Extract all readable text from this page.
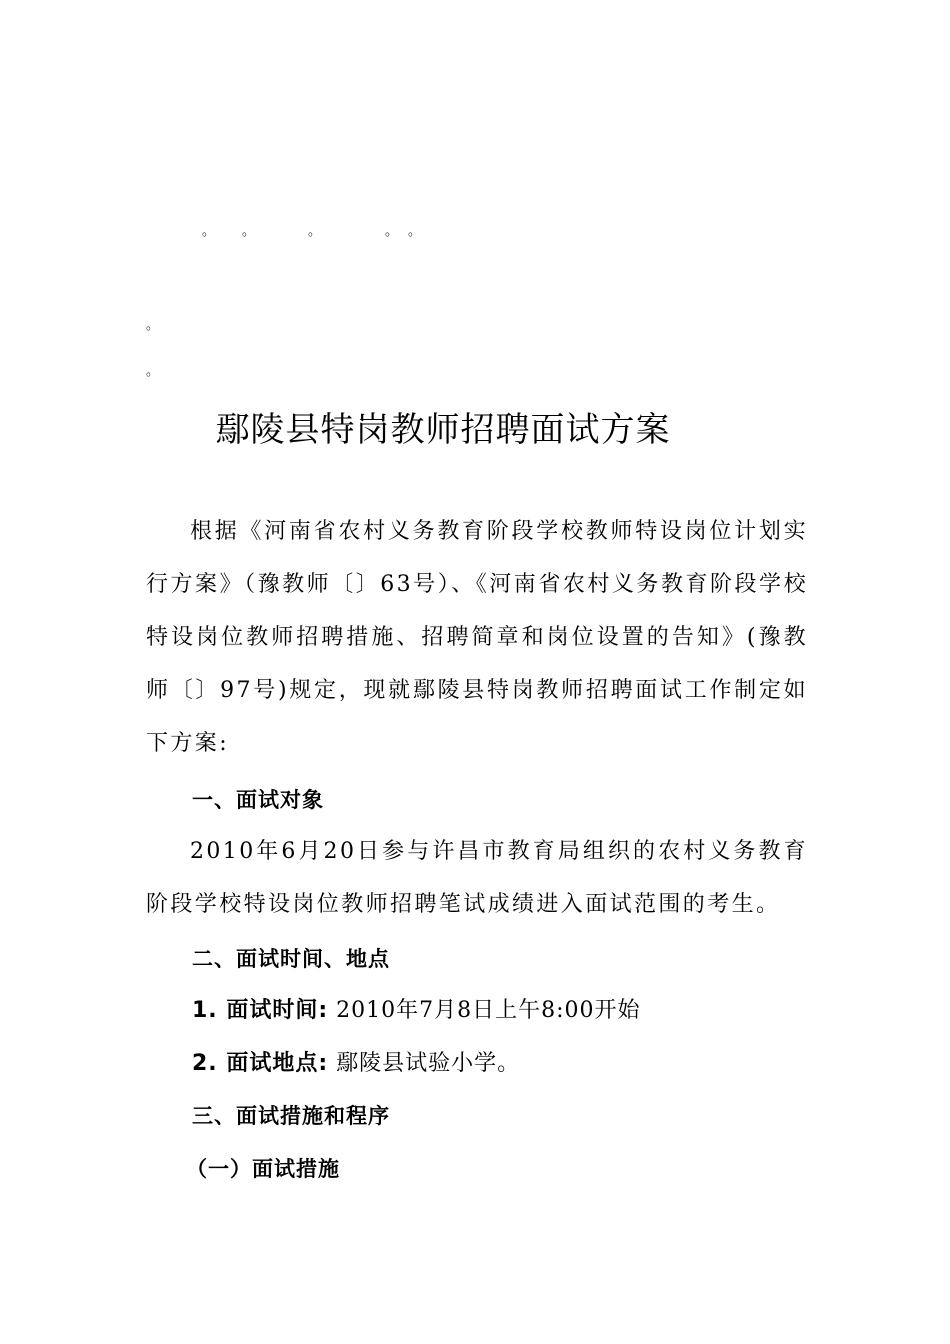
。 。	。	。 。
。
。
鄢陵县特岗教师招聘面试方案

根据《河南省农村义务教育阶段学校教师特设岗位计划实行方案》（豫教师〔〕63号）、《河南省农村义务教育阶段学校特设岗位教师招聘措施、招聘简章和岗位设置的告知》(豫教师〔〕97号)规定，现就鄢陵县特岗教师招聘面试工作制定如下方案:

一、面试对象

2010年6月20日参与许昌市教育局组织的农村义务教育阶段学校特设岗位教师招聘笔试成绩进入面试范围的考生。

二、面试时间、地点
1. 面试时间: 2010年7月8日上午8:00开始
2. 面试地点: 鄢陵县试验小学。
三、面试措施和程序
（一）面试措施
